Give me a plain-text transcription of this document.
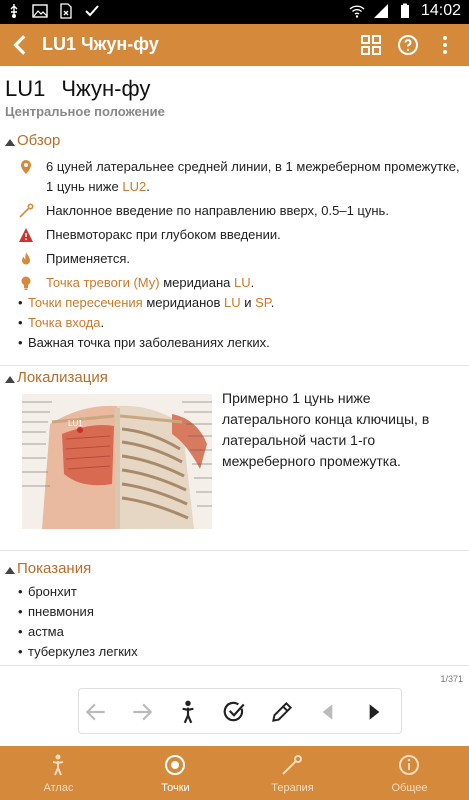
14:02
LU1 Чжун-фу
LU1 Чжун-фу
Центральное положение
Обзор
6 цуней латеральнее средней линии, в 1 межреберном промежутке, 1 цунь ниже LU2.
Наклонное введение по направлению вверх, 0.5–1 цунь.
Пневмоторакс при глубоком введении.
Применяется.
Точка тревоги (Му) меридиана LU.
• Точки пересечения меридианов LU и SP.
• Точка входа.
• Важная точка при заболеваниях легких.
Локализация
LU1
Примерно 1 цунь ниже латерального конца ключицы, в латеральной части 1-го межреберного промежутка.
Показания
• бронхит
• пневмония
• астма
• туберкулез легких
1/371
Атлас	Точки	Терапия	Общее
